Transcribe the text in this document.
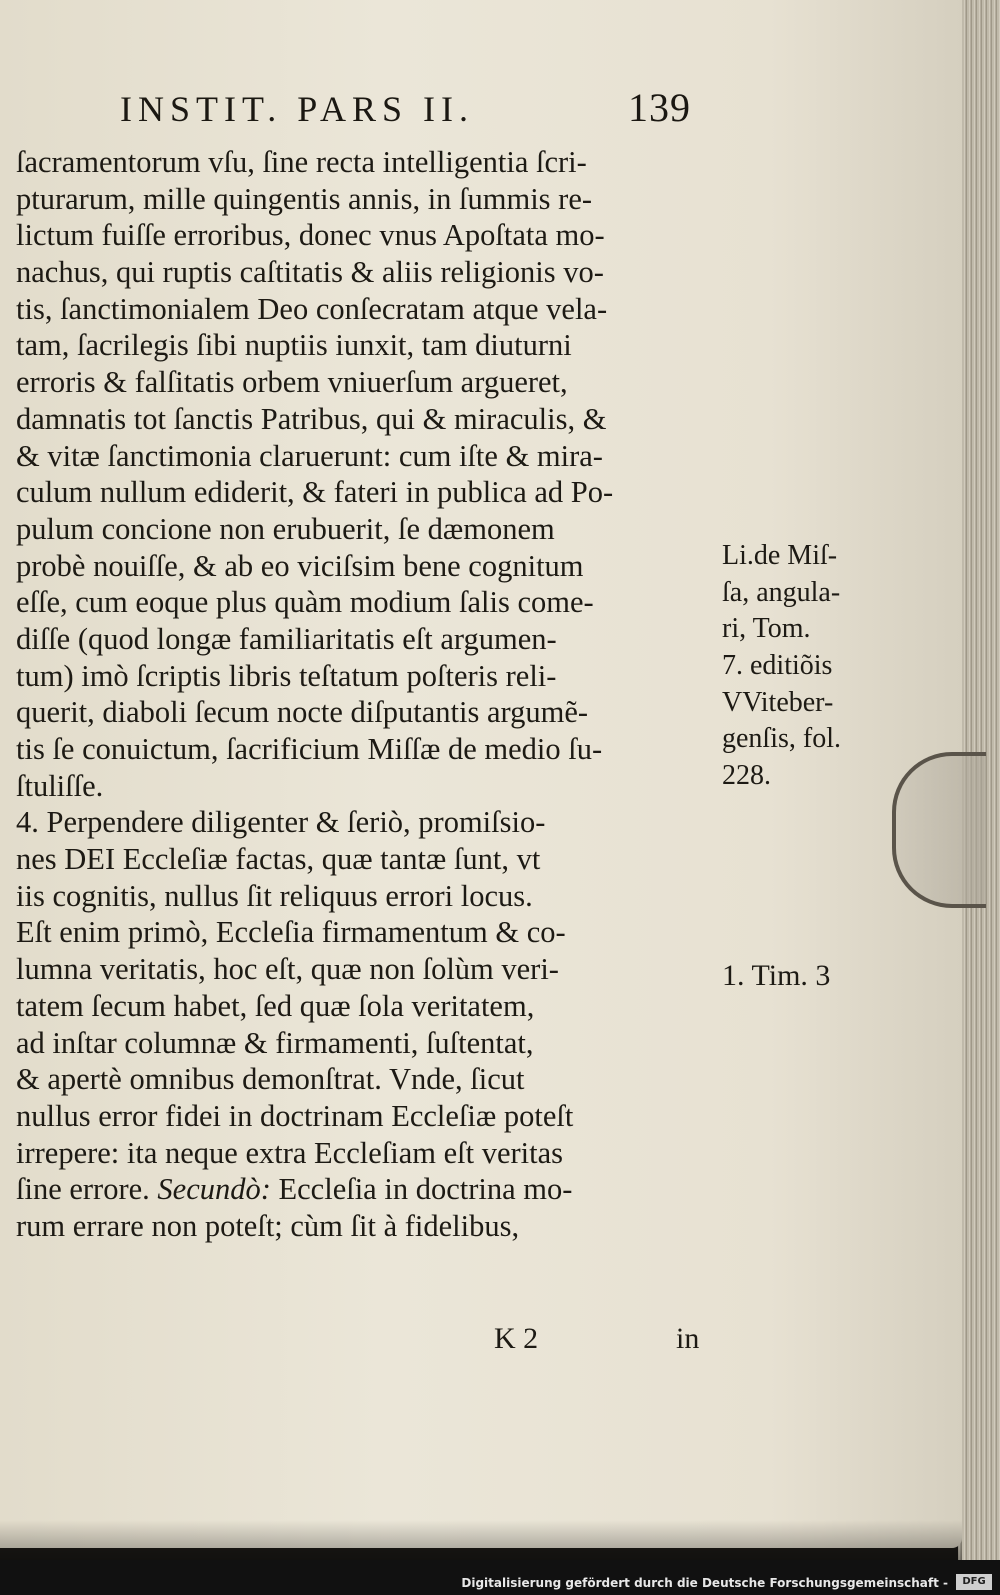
INSTIT. PARS II.	139
ſacramentorum vſu, ſine recta intelligentia ſcri-
pturarum, mille quingentis annis, in ſummis re-
lictum fuiſſe erroribus, donec vnus Apoſtata mo-
nachus, qui ruptis caſtitatis & aliis religionis vo-
tis, ſanctimonialem Deo conſecratam atque vela-
tam, ſacrilegis ſibi nuptiis iunxit, tam diuturni
erroris & falſitatis orbem vniuerſum argueret,
damnatis tot ſanctis Patribus, qui & miraculis, &
& vitæ ſanctimonia claruerunt: cum iſte & mira-
culum nullum ediderit, & fateri in publica ad Po-
pulum concione non erubuerit, ſe dæmonem
probè nouiſſe, & ab eo viciſsim bene cognitum
eſſe, cum eoque plus quàm modium ſalis come-
diſſe (quod longæ familiaritatis eſt argumen-
tum) imò ſcriptis libris teſtatum poſteris reli-
querit, diaboli ſecum nocte diſputantis argumẽ-
tis ſe conuictum, ſacrificium Miſſæ de medio ſu-
ſtuliſſe.
4. Perpendere diligenter & ſeriò, promiſsio-
nes DEI Eccleſiæ factas, quæ tantæ ſunt, vt
iis cognitis, nullus ſit reliquus errori locus.
Eſt enim primò, Eccleſia firmamentum & co-
lumna veritatis, hoc eſt, quæ non ſolùm veri-
tatem ſecum habet, ſed quæ ſola veritatem,
ad inſtar columnæ & firmamenti, ſuſtentat,
& apertè omnibus demonſtrat. Vnde, ſicut
nullus error fidei in doctrinam Eccleſiæ poteſt
irrepere: ita neque extra Eccleſiam eſt veritas
ſine errore. Secundò: Eccleſia in doctrina mo-
rum errare non poteſt; cùm ſit à fidelibus,
Li.de Miſ-
ſa, angula-
ri, Tom.
7. editiõis
VViteber-
genſis, fol.
228.
1. Tim. 3
K 2	in
Digitalisierung gefördert durch die Deutsche Forschungsgemeinschaft -	DFG
